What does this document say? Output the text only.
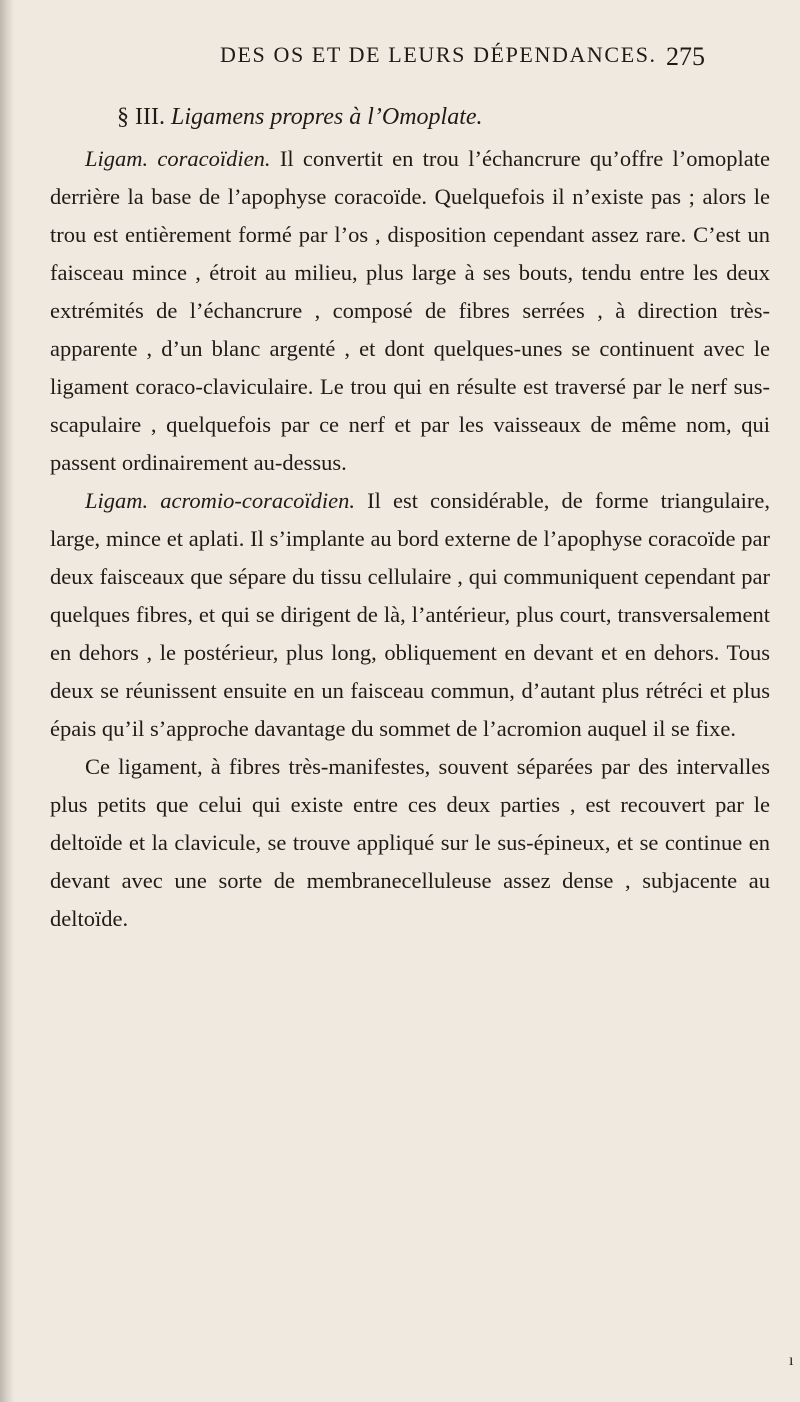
DES OS ET DE LEURS DÉPENDANCES. 275
§ III. Ligamens propres à l’Omoplate.

Ligam. coracoïdien. Il convertit en trou l’échancrure qu’offre l’omoplate derrière la base de l’apophyse coracoïde. Quelquefois il n’existe pas ; alors le trou est entièrement formé par l’os , disposition cependant assez rare. C’est un faisceau mince , étroit au milieu, plus large à ses bouts, tendu entre les deux extrémités de l’échancrure , composé de fibres serrées , à direction très-apparente , d’un blanc argenté , et dont quelques-unes se continuent avec le ligament coraco-claviculaire. Le trou qui en résulte est traversé par le nerf sus-scapulaire , quelquefois par ce nerf et par les vaisseaux de même nom, qui passent ordinairement au-dessus.

Ligam. acromio-coracoïdien. Il est considérable, de forme triangulaire, large, mince et aplati. Il s’implante au bord externe de l’apophyse coracoïde par deux faisceaux que sépare du tissu cellulaire , qui communiquent cependant par quelques fibres, et qui se dirigent de là, l’antérieur, plus court, transversalement en dehors , le postérieur, plus long, obliquement en devant et en dehors. Tous deux se réunissent ensuite en un faisceau commun, d’autant plus rétréci et plus épais qu’il s’approche davantage du sommet de l’acromion auquel il se fixe.

Ce ligament, à fibres très-manifestes, souvent séparées par des intervalles plus petits que celui qui existe entre ces deux parties , est recouvert par le deltoïde et la clavicule, se trouve appliqué sur le sus-épineux, et se continue en devant avec une sorte de membranecelluleuse assez dense , subjacente au deltoïde.

ı
